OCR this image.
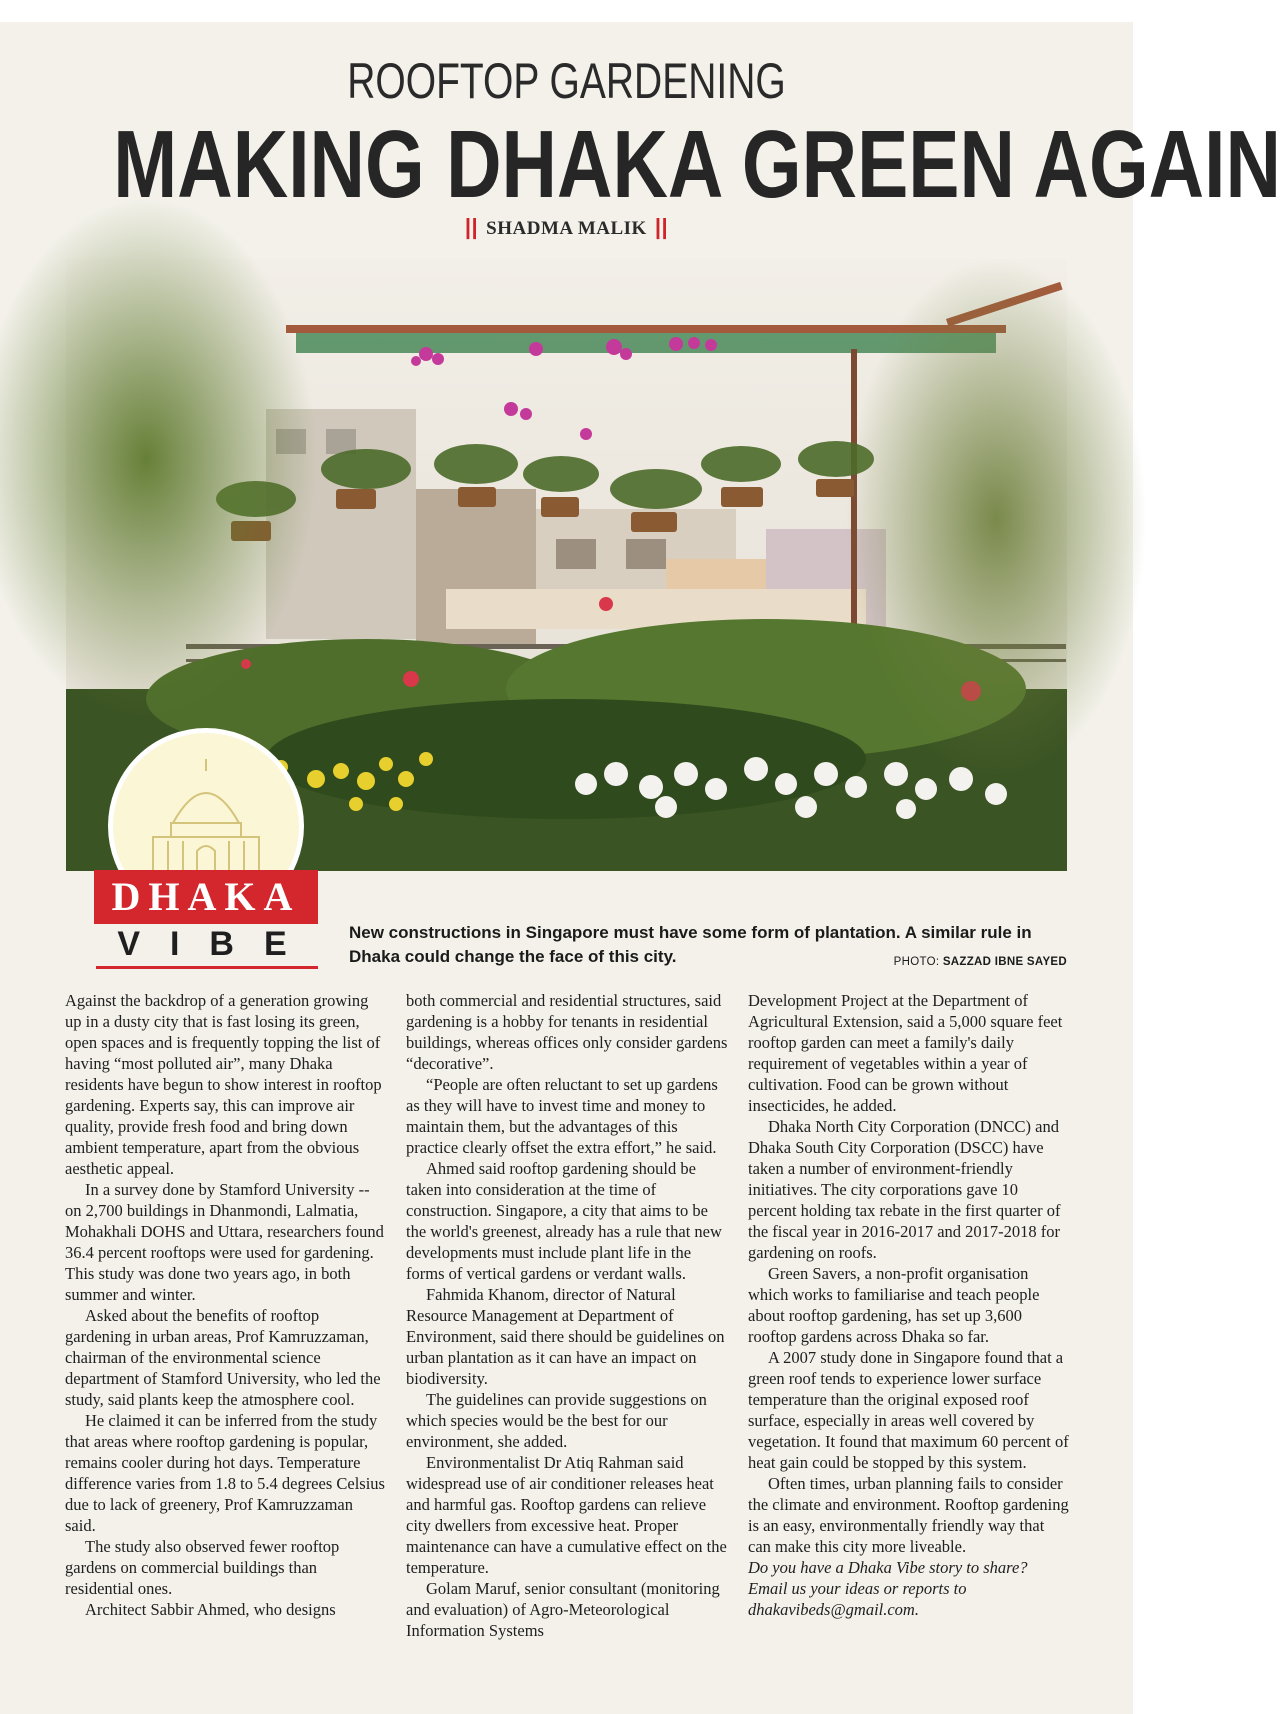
ROOFTOP GARDENING
MAKING DHAKA GREEN AGAIN
|| SHADMA MALIK ||
DHAKA
VIBE New constructions in Singapore must have some form of plantation. A similar rule in Dhaka could change the face of this city.	PHOTO: SAZZAD IBNE SAYED

Against the backdrop of a generation growing up in a dusty city that is fast losing its green, open spaces and is frequently topping the list of having “most polluted air”, many Dhaka residents have begun to show interest in rooftop gardening. Experts say, this can improve air quality, provide fresh food and bring down ambient temperature, apart from the obvious aesthetic appeal.

In a survey done by Stamford University -- on 2,700 buildings in Dhanmondi, Lalmatia, Mohakhali DOHS and Uttara, researchers found 36.4 percent rooftops were used for gardening. This study was done two years ago, in both summer and winter.

Asked about the benefits of rooftop gardening in urban areas, Prof Kamruzzaman, chairman of the environmental science department of Stamford University, who led the study, said plants keep the atmosphere cool.

He claimed it can be inferred from the study that areas where rooftop gardening is popular, remains cooler during hot days. Temperature difference varies from 1.8 to 5.4 degrees Celsius due to lack of greenery, Prof Kamruzzaman said.

The study also observed fewer rooftop gardens on commercial buildings than residential ones.

Architect Sabbir Ahmed, who designs

both commercial and residential structures, said gardening is a hobby for tenants in residential buildings, whereas offices only consider gardens “decorative”.

“People are often reluctant to set up gardens as they will have to invest time and money to maintain them, but the advantages of this practice clearly offset the extra effort,” he said.

Ahmed said rooftop gardening should be taken into consideration at the time of construction. Singapore, a city that aims to be the world's greenest, already has a rule that new developments must include plant life in the forms of vertical gardens or verdant walls.

Fahmida Khanom, director of Natural Resource Management at Department of Environment, said there should be guidelines on urban plantation as it can have an impact on biodiversity.

The guidelines can provide suggestions on which species would be the best for our environment, she added.

Environmentalist Dr Atiq Rahman said widespread use of air conditioner releases heat and harmful gas. Rooftop gardens can relieve city dwellers from excessive heat. Proper maintenance can have a cumulative effect on the temperature.

Golam Maruf, senior consultant (monitoring and evaluation) of Agro-Meteorological Information Systems

Development Project at the Department of Agricultural Extension, said a 5,000 square feet rooftop garden can meet a family's daily requirement of vegetables within a year of cultivation. Food can be grown without insecticides, he added.

Dhaka North City Corporation (DNCC) and Dhaka South City Corporation (DSCC) have taken a number of environment-friendly initiatives. The city corporations gave 10 percent holding tax rebate in the first quarter of the fiscal year in 2016-2017 and 2017-2018 for gardening on roofs.

Green Savers, a non-profit organisation which works to familiarise and teach people about rooftop gardening, has set up 3,600 rooftop gardens across Dhaka so far.

A 2007 study done in Singapore found that a green roof tends to experience lower surface temperature than the original exposed roof surface, especially in areas well covered by vegetation. It found that maximum 60 percent of heat gain could be stopped by this system.

Often times, urban planning fails to consider the climate and environment. Rooftop gardening is an easy, environmentally friendly way that can make this city more liveable.

Do you have a Dhaka Vibe story to share? Email us your ideas or reports to dhakavibeds@gmail.com.
